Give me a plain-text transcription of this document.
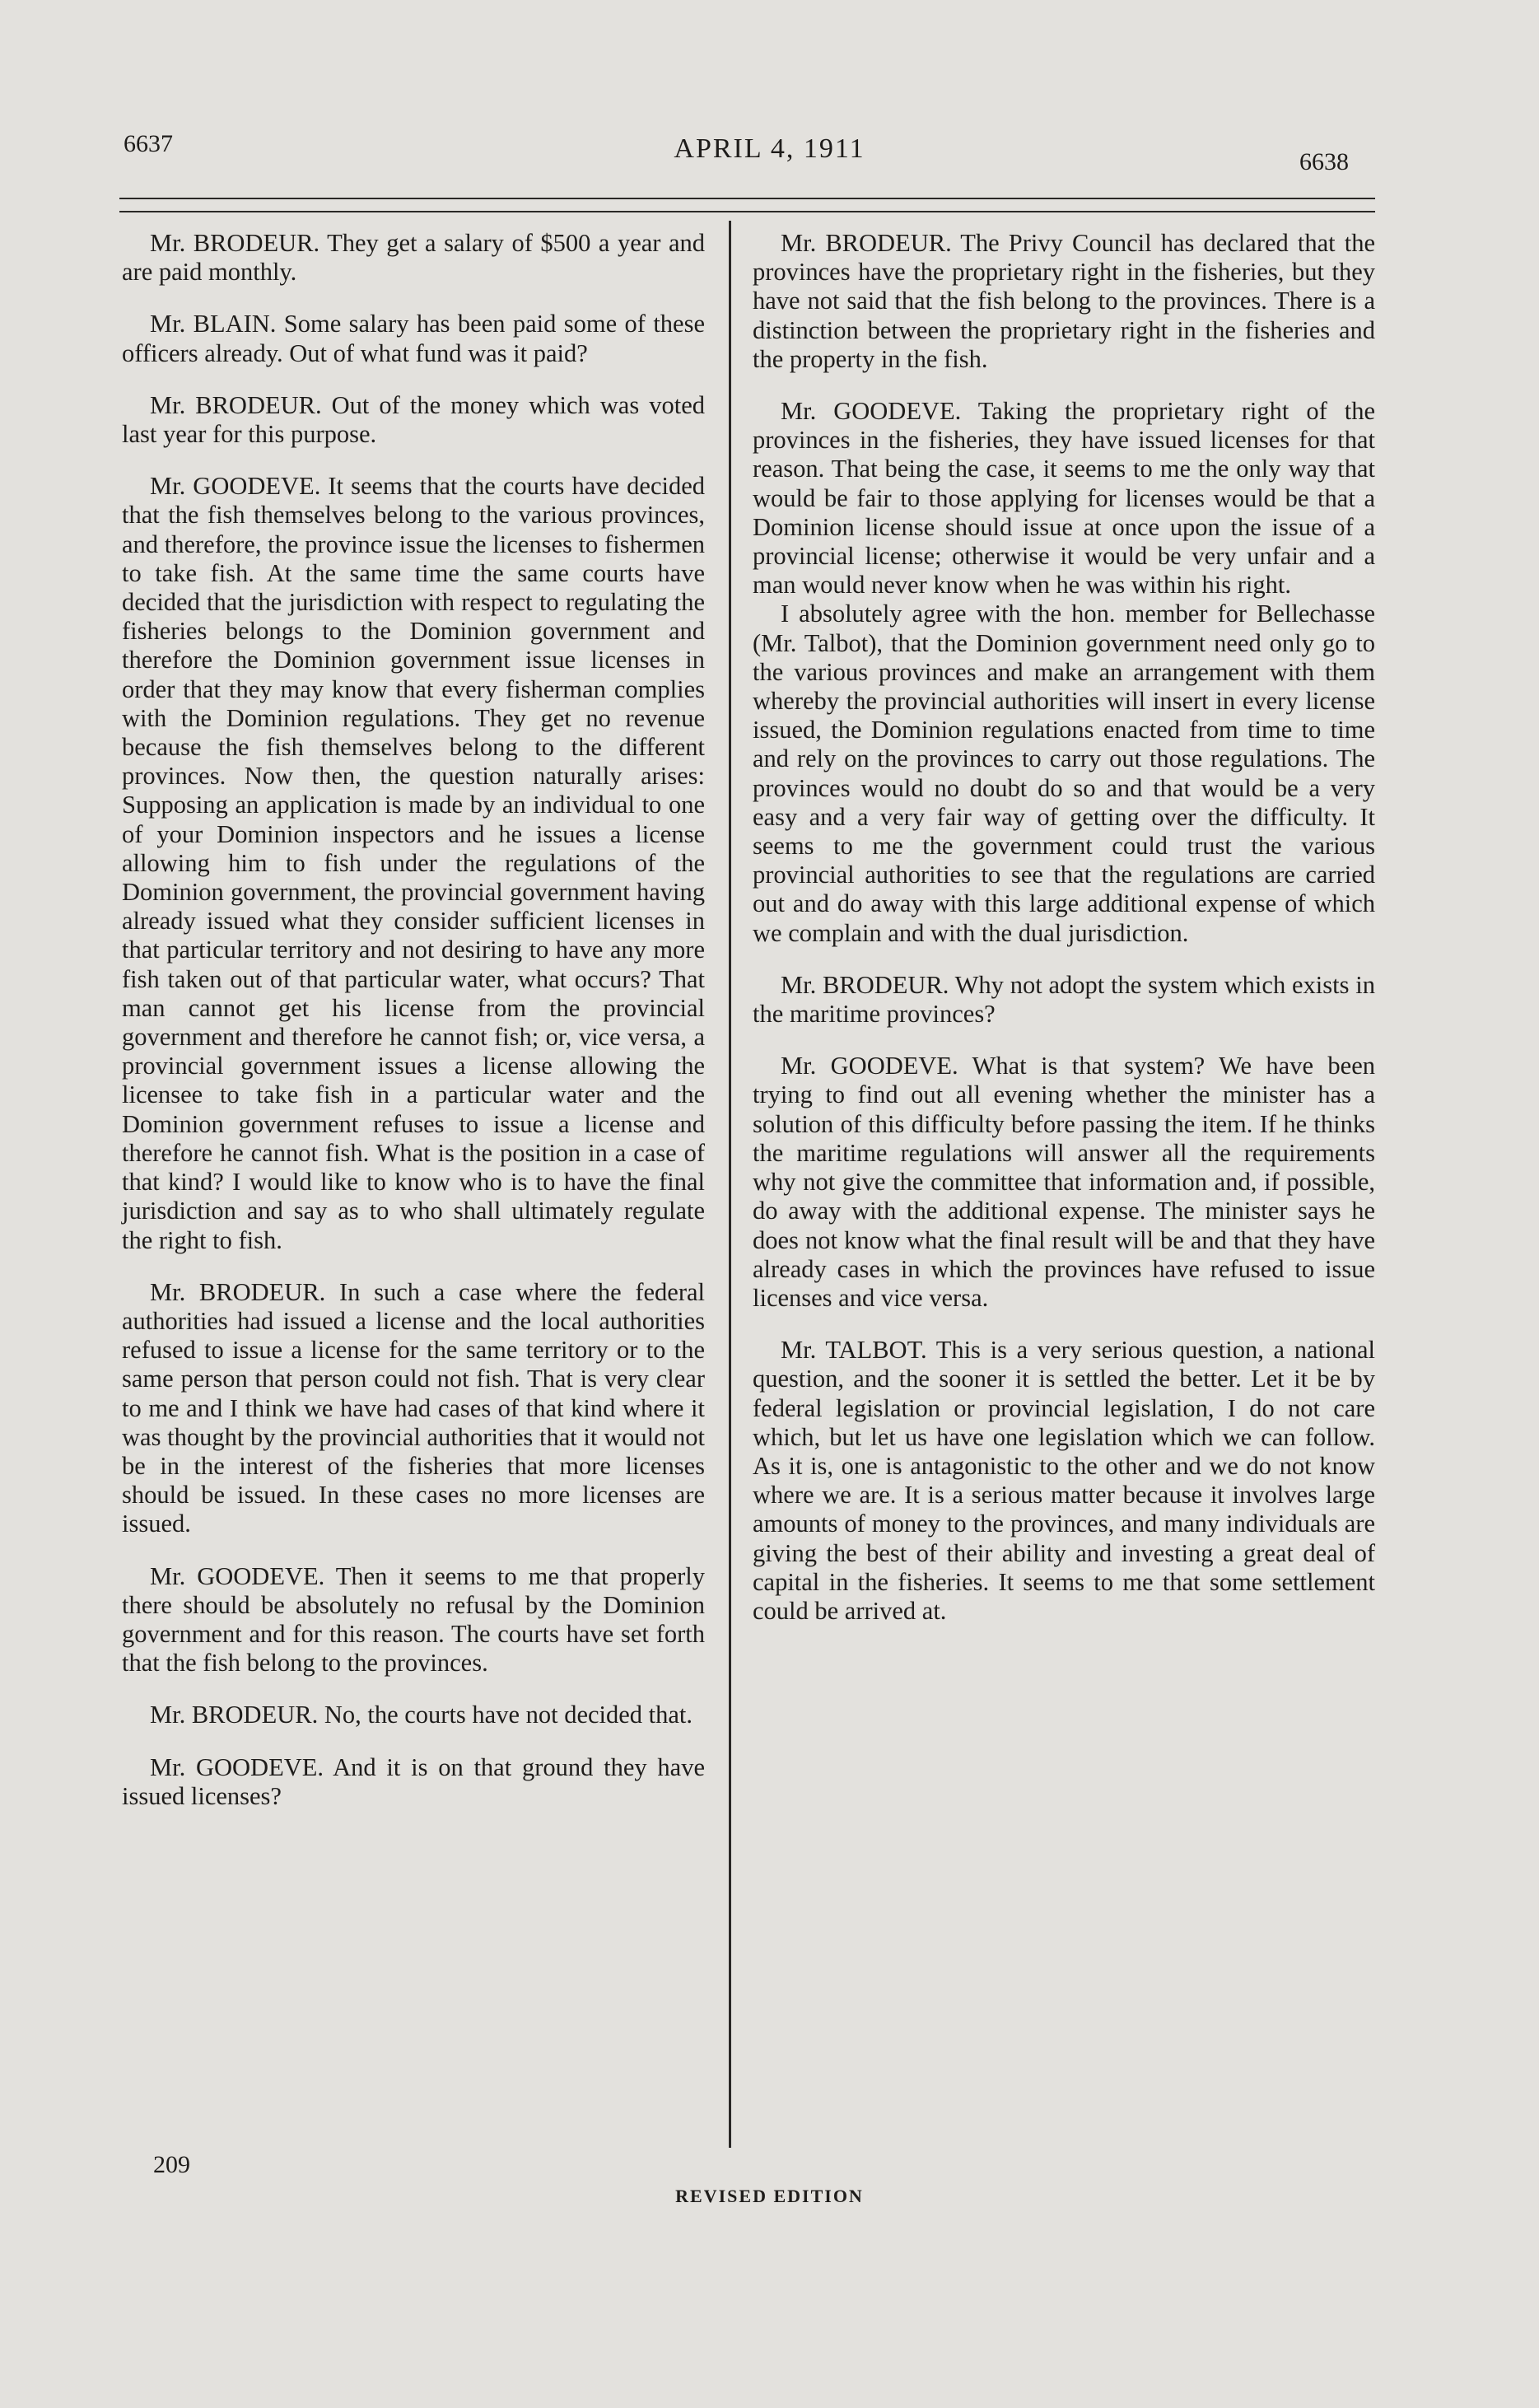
6637	APRIL 4, 1911	6638

Mr. BRODEUR. They get a salary of $500 a year and are paid monthly.

Mr. BLAIN. Some salary has been paid some of these officers already. Out of what fund was it paid?

Mr. BRODEUR. Out of the money which was voted last year for this purpose.

Mr. GOODEVE. It seems that the courts have decided that the fish themselves belong to the various provinces, and therefore, the province issue the licenses to fishermen to take fish. At the same time the same courts have decided that the jurisdiction with respect to regulating the fisheries belongs to the Dominion government and therefore the Dominion government issue licenses in order that they may know that every fisherman complies with the Dominion regulations. They get no revenue because the fish themselves belong to the different provinces. Now then, the question naturally arises: Supposing an application is made by an individual to one of your Dominion inspectors and he issues a license allowing him to fish under the regulations of the Dominion government, the provincial government having already issued what they consider sufficient licenses in that particular territory and not desiring to have any more fish taken out of that particular water, what occurs? That man cannot get his license from the provincial government and therefore he cannot fish; or, vice versa, a provincial government issues a license allowing the licensee to take fish in a particular water and the Dominion government refuses to issue a license and therefore he cannot fish. What is the position in a case of that kind? I would like to know who is to have the final jurisdiction and say as to who shall ultimately regulate the right to fish.

Mr. BRODEUR. In such a case where the federal authorities had issued a license and the local authorities refused to issue a license for the same territory or to the same person that person could not fish. That is very clear to me and I think we have had cases of that kind where it was thought by the provincial authorities that it would not be in the interest of the fisheries that more licenses should be issued. In these cases no more licenses are issued.

Mr. GOODEVE. Then it seems to me that properly there should be absolutely no refusal by the Dominion government and for this reason. The courts have set forth that the fish belong to the provinces.

Mr. BRODEUR. No, the courts have not decided that.

Mr. GOODEVE. And it is on that ground they have issued licenses?

Mr. BRODEUR. The Privy Council has declared that the provinces have the proprietary right in the fisheries, but they have not said that the fish belong to the provinces. There is a distinction between the proprietary right in the fisheries and the property in the fish.

Mr. GOODEVE. Taking the proprietary right of the provinces in the fisheries, they have issued licenses for that reason. That being the case, it seems to me the only way that would be fair to those applying for licenses would be that a Dominion license should issue at once upon the issue of a provincial license; otherwise it would be very unfair and a man would never know when he was within his right.

I absolutely agree with the hon. member for Bellechasse (Mr. Talbot), that the Dominion government need only go to the various provinces and make an arrangement with them whereby the provincial authorities will insert in every license issued, the Dominion regulations enacted from time to time and rely on the provinces to carry out those regulations. The provinces would no doubt do so and that would be a very easy and a very fair way of getting over the difficulty. It seems to me the government could trust the various provincial authorities to see that the regulations are carried out and do away with this large additional expense of which we complain and with the dual jurisdiction.

Mr. BRODEUR. Why not adopt the system which exists in the maritime provinces?

Mr. GOODEVE. What is that system? We have been trying to find out all evening whether the minister has a solution of this difficulty before passing the item. If he thinks the maritime regulations will answer all the requirements why not give the committee that information and, if possible, do away with the additional expense. The minister says he does not know what the final result will be and that they have already cases in which the provinces have refused to issue licenses and vice versa.

Mr. TALBOT. This is a very serious question, a national question, and the sooner it is settled the better. Let it be by federal legislation or provincial legislation, I do not care which, but let us have one legislation which we can follow. As it is, one is antagonistic to the other and we do not know where we are. It is a serious matter because it involves large amounts of money to the provinces, and many individuals are giving the best of their ability and investing a great deal of capital in the fisheries. It seems to me that some settlement could be arrived at.

209
REVISED EDITION
